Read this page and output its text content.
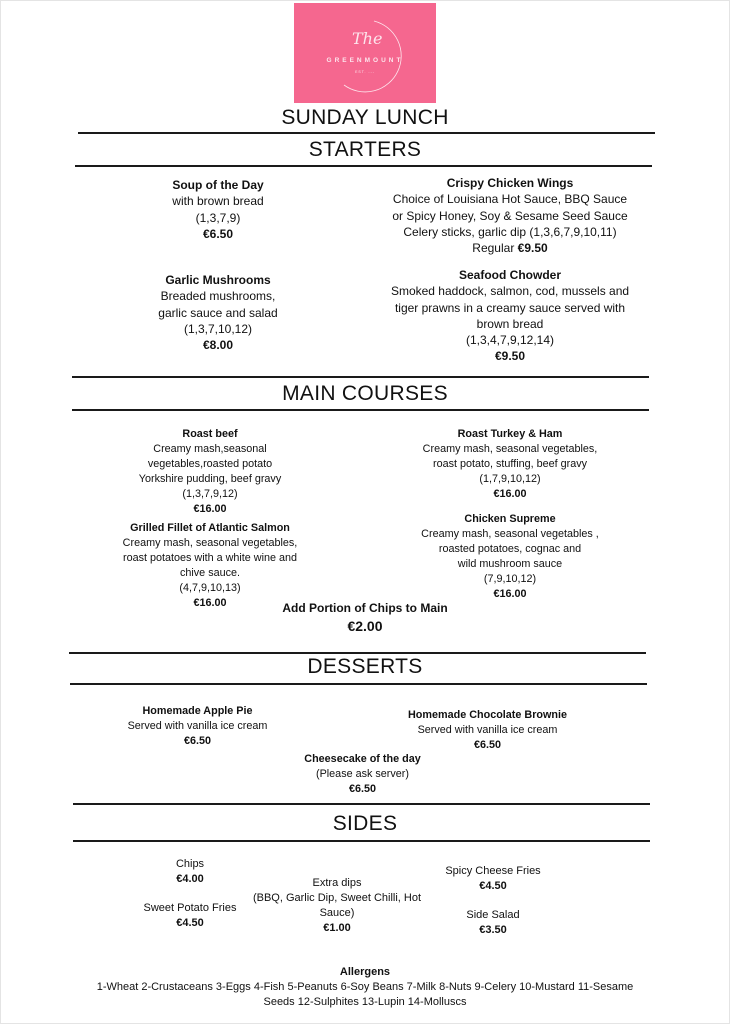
The
GREENMOUNT
EST. ---
SUNDAY LUNCH
STARTERS
Soup of the Day
with brown bread
(1,3,7,9)
€6.50
Garlic Mushrooms
Breaded mushrooms,
garlic sauce and salad
(1,3,7,10,12)
€8.00
Crispy Chicken Wings
Choice of Louisiana Hot Sauce, BBQ Sauce
or Spicy Honey, Soy & Sesame Seed Sauce
Celery sticks, garlic dip (1,3,6,7,9,10,11)
Regular €9.50
Seafood Chowder
Smoked haddock, salmon, cod, mussels and
tiger prawns in a creamy sauce served with
brown bread
(1,3,4,7,9,12,14)
€9.50
MAIN COURSES
Roast beef
Creamy mash,seasonal
vegetables,roasted potato
Yorkshire pudding, beef gravy
(1,3,7,9,12)
€16.00
Grilled Fillet of Atlantic Salmon
Creamy mash, seasonal vegetables,
roast potatoes with a white wine and
chive sauce.
(4,7,9,10,13)
€16.00
Roast Turkey & Ham
Creamy mash, seasonal vegetables,
roast potato, stuffing, beef gravy
(1,7,9,10,12)
€16.00
Chicken Supreme
Creamy mash, seasonal vegetables ,
roasted potatoes, cognac and
wild mushroom sauce
(7,9,10,12)
€16.00
Add Portion of Chips to Main
€2.00
DESSERTS
Homemade Apple Pie
Served with vanilla ice cream
€6.50
Homemade Chocolate Brownie
Served with vanilla ice cream
€6.50
Cheesecake of the day
(Please ask server)
€6.50
SIDES
Chips
€4.00
Sweet Potato Fries
€4.50
Extra dips
(BBQ, Garlic Dip, Sweet Chilli, Hot
Sauce)
€1.00
Spicy Cheese Fries
€4.50
Side Salad
€3.50
Allergens
1-Wheat 2-Crustaceans 3-Eggs 4-Fish 5-Peanuts 6-Soy Beans 7-Milk 8-Nuts 9-Celery 10-Mustard 11-Sesame
Seeds 12-Sulphites 13-Lupin 14-Molluscs
